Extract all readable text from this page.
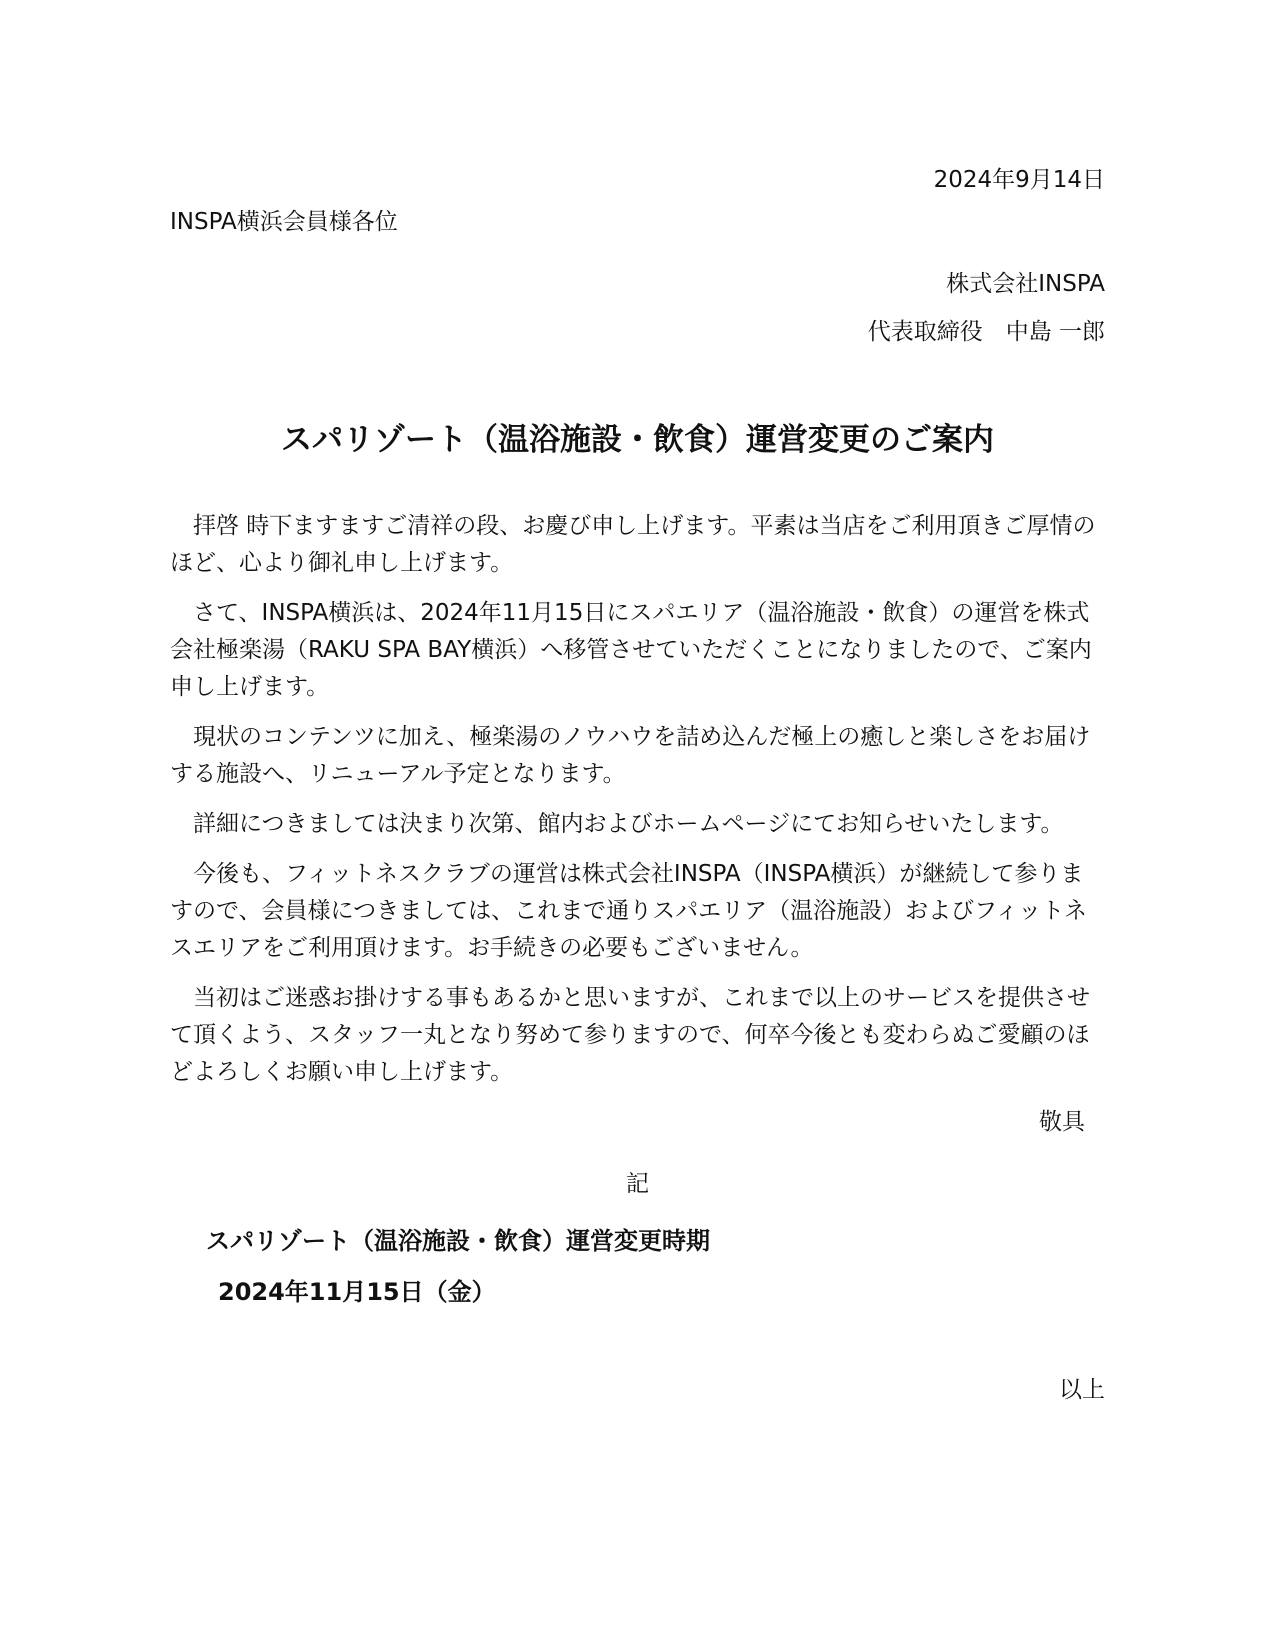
2024年9月14日
INSPA横浜会員様各位
株式会社INSPA
代表取締役　中島 一郎
スパリゾート（温浴施設・飲食）運営変更のご案内

拝啓 時下ますますご清祥の段、お慶び申し上げます。平素は当店をご利用頂きご厚情のほど、心より御礼申し上げます。

さて、INSPA横浜は、2024年11月15日にスパエリア（温浴施設・飲食）の運営を株式会社極楽湯（RAKU SPA BAY横浜）へ移管させていただくことになりましたので、ご案内申し上げます。

現状のコンテンツに加え、極楽湯のノウハウを詰め込んだ極上の癒しと楽しさをお届けする施設へ、リニューアル予定となります。

詳細につきましては決まり次第、館内およびホームページにてお知らせいたします。

今後も、フィットネスクラブの運営は株式会社INSPA（INSPA横浜）が継続して参りますので、会員様につきましては、これまで通りスパエリア（温浴施設）およびフィットネスエリアをご利用頂けます。お手続きの必要もございません。

当初はご迷惑お掛けする事もあるかと思いますが、これまで以上のサービスを提供させて頂くよう、スタッフ一丸となり努めて参りますので、何卒今後とも変わらぬご愛顧のほどよろしくお願い申し上げます。

敬具
記
スパリゾート（温浴施設・飲食）運営変更時期
2024年11月15日（金）
以上
